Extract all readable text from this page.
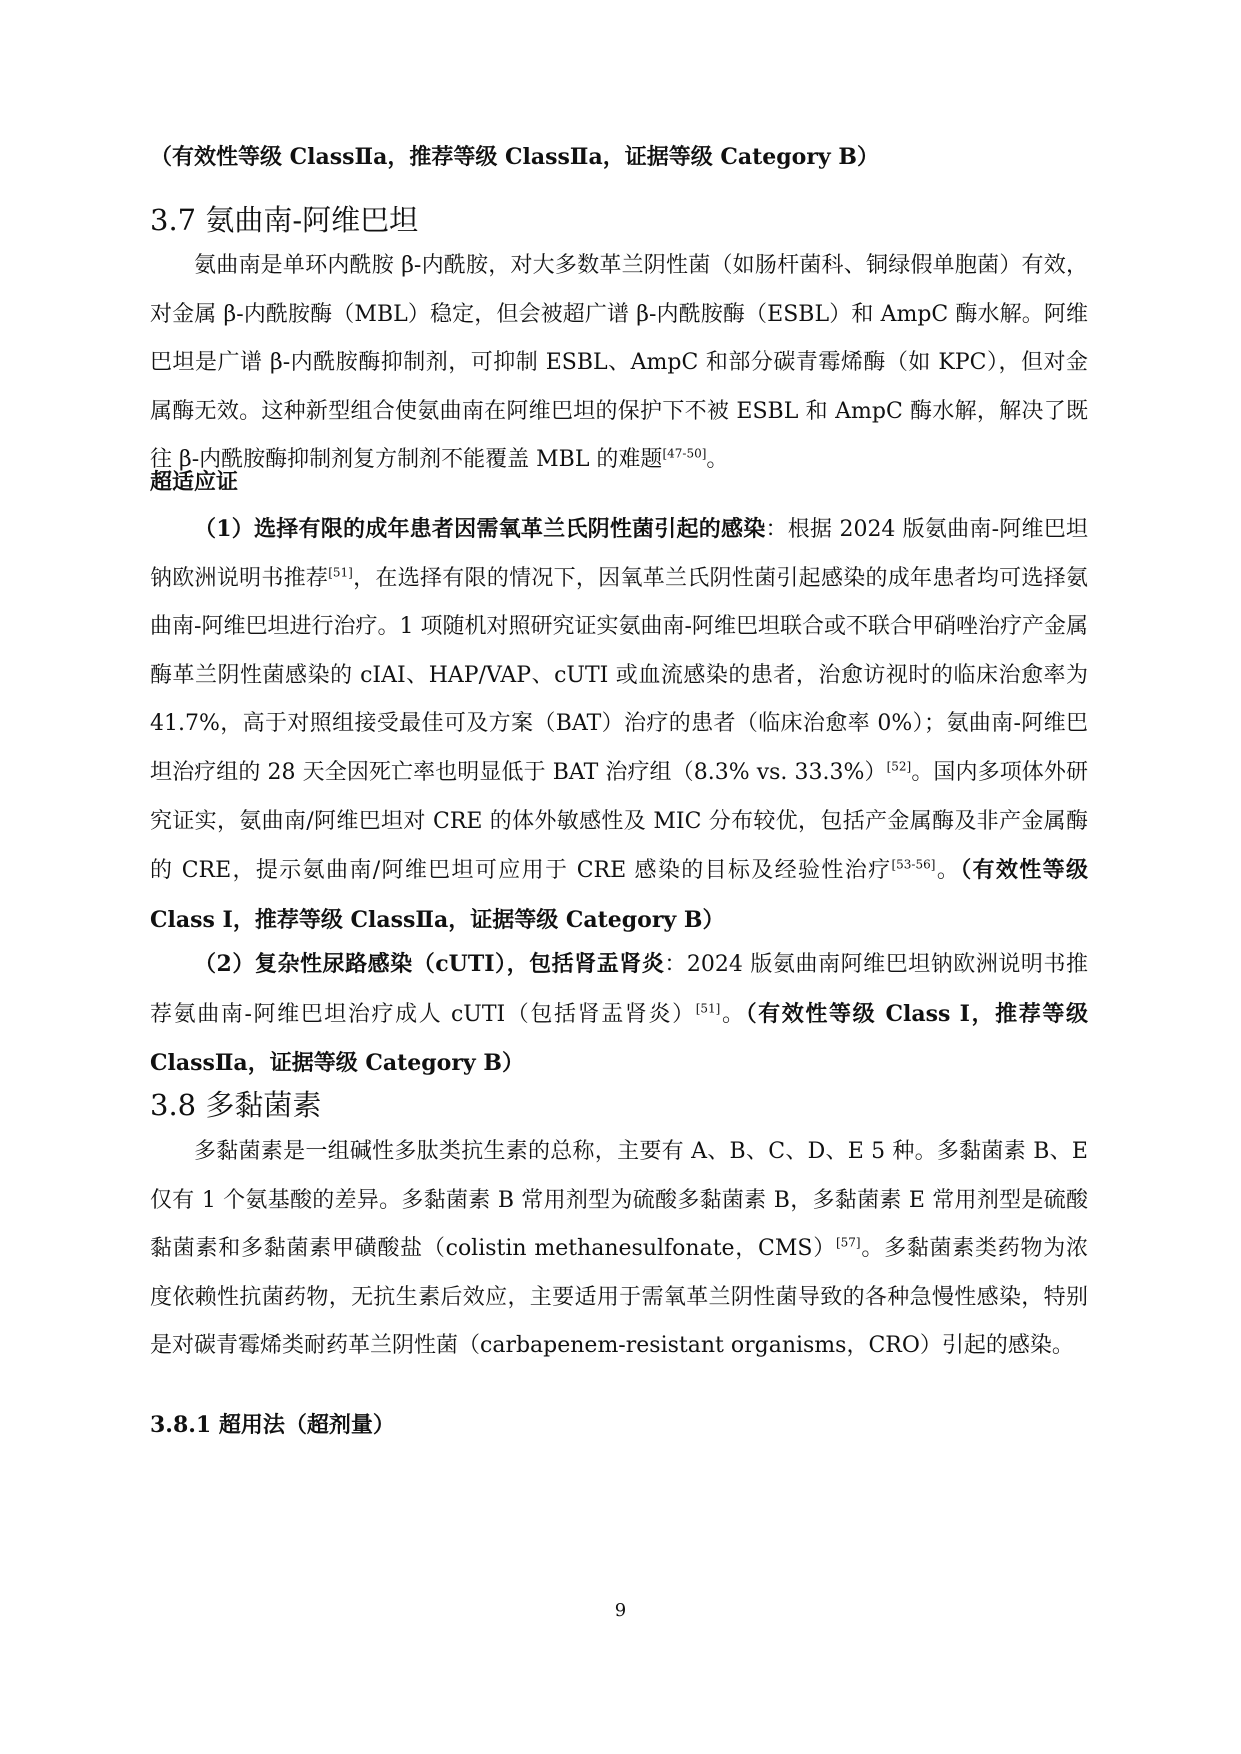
（有效性等级 ClassⅡa，推荐等级 ClassⅡa，证据等级 Category B）
3.7 氨曲南-阿维巴坦
氨曲南是单环内酰胺 β-内酰胺，对大多数革兰阴性菌（如肠杆菌科、铜绿假单胞菌）有效，对金属 β-内酰胺酶（MBL）稳定，但会被超广谱 β-内酰胺酶（ESBL）和 AmpC 酶水解。阿维巴坦是广谱 β-内酰胺酶抑制剂，可抑制 ESBL、AmpC 和部分碳青霉烯酶（如 KPC），但对金属酶无效。这种新型组合使氨曲南在阿维巴坦的保护下不被 ESBL 和 AmpC 酶水解，解决了既往 β-内酰胺酶抑制剂复方制剂不能覆盖 MBL 的难题[47-50]。
超适应证
（1）选择有限的成年患者因需氧革兰氏阴性菌引起的感染：根据 2024 版氨曲南-阿维巴坦钠欧洲说明书推荐[51]，在选择有限的情况下，因氧革兰氏阴性菌引起感染的成年患者均可选择氨曲南-阿维巴坦进行治疗。1 项随机对照研究证实氨曲南-阿维巴坦联合或不联合甲硝唑治疗产金属酶革兰阴性菌感染的 cIAI、HAP/VAP、cUTI 或血流感染的患者，治愈访视时的临床治愈率为 41.7%，高于对照组接受最佳可及方案（BAT）治疗的患者（临床治愈率 0%）；氨曲南-阿维巴坦治疗组的 28 天全因死亡率也明显低于 BAT 治疗组（8.3% vs. 33.3%）[52]。国内多项体外研究证实，氨曲南/阿维巴坦对 CRE 的体外敏感性及 MIC 分布较优，包括产金属酶及非产金属酶的 CRE，提示氨曲南/阿维巴坦可应用于 CRE 感染的目标及经验性治疗[53-56]。（有效性等级 Class I，推荐等级 ClassⅡa，证据等级 Category B）
（2）复杂性尿路感染（cUTI），包括肾盂肾炎：2024 版氨曲南阿维巴坦钠欧洲说明书推荐氨曲南-阿维巴坦治疗成人 cUTI（包括肾盂肾炎）[51]。（有效性等级 Class I，推荐等级 ClassⅡa，证据等级 Category B）
3.8 多黏菌素
多黏菌素是一组碱性多肽类抗生素的总称，主要有 A、B、C、D、E 5 种。多黏菌素 B、E 仅有 1 个氨基酸的差异。多黏菌素 B 常用剂型为硫酸多黏菌素 B，多黏菌素 E 常用剂型是硫酸黏菌素和多黏菌素甲磺酸盐（colistin methanesulfonate，CMS）[57]。多黏菌素类药物为浓度依赖性抗菌药物，无抗生素后效应，主要适用于需氧革兰阴性菌导致的各种急慢性感染，特别是对碳青霉烯类耐药革兰阴性菌（carbapenem-resistant organisms，CRO）引起的感染。
3.8.1 超用法（超剂量）
9
